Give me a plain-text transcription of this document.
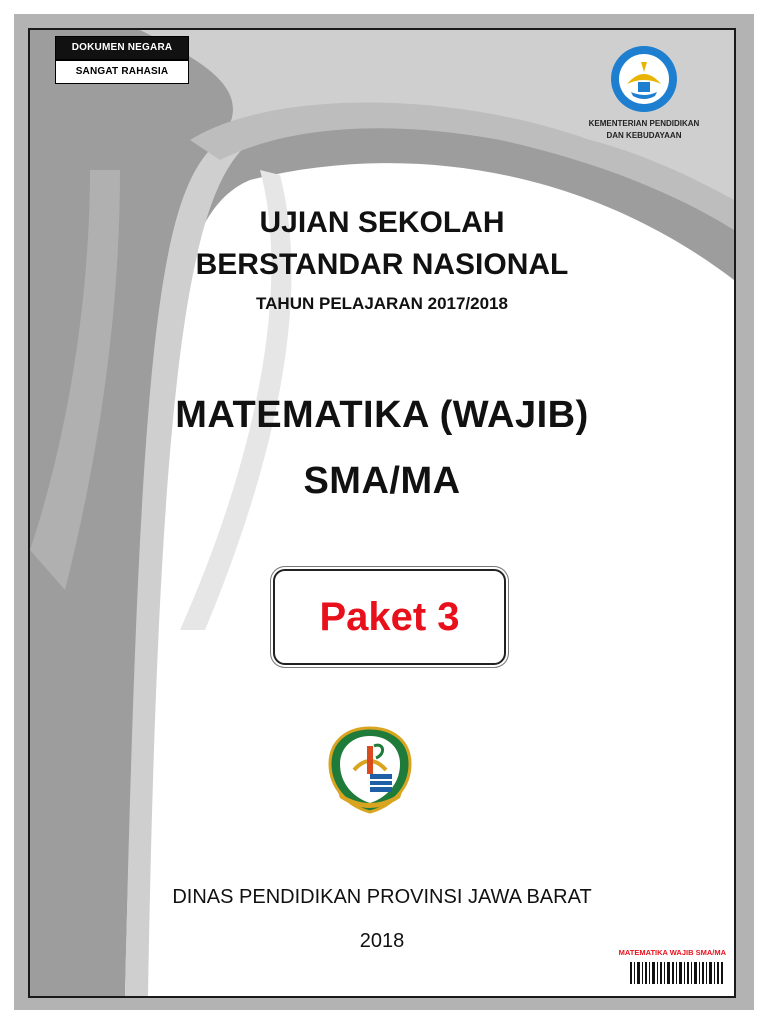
DOKUMEN NEGARA
SANGAT RAHASIA
KEMENTERIAN PENDIDIKAN
DAN KEBUDAYAAN
UJIAN SEKOLAH
BERSTANDAR NASIONAL
TAHUN PELAJARAN 2017/2018
MATEMATIKA (WAJIB)
SMA/MA
Paket 3
DINAS PENDIDIKAN PROVINSI JAWA BARAT
2018
MATEMATIKA WAJIB SMA/MA
